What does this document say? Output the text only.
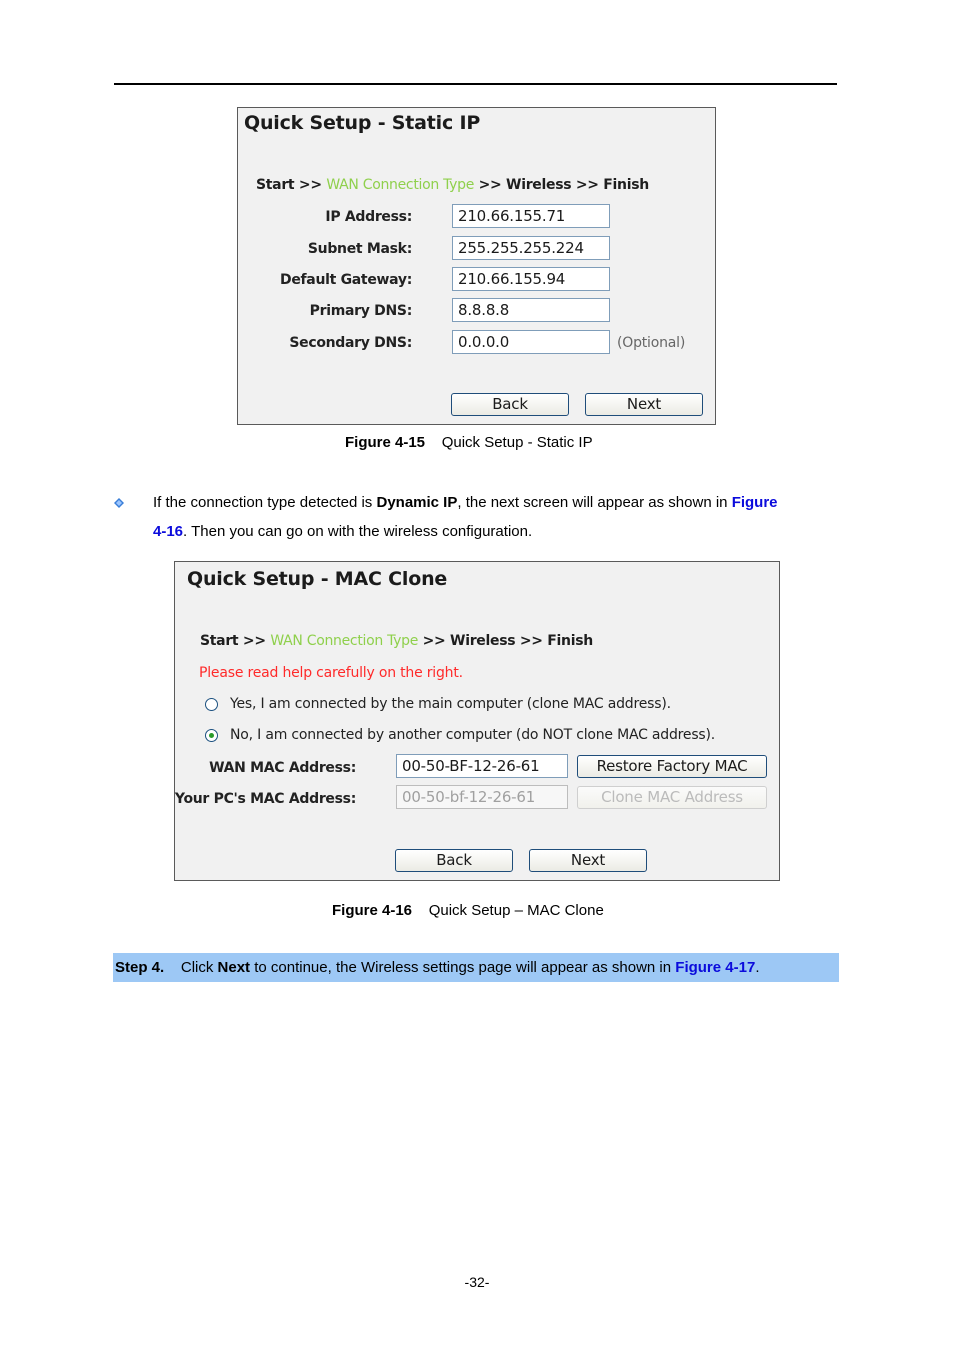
Quick Setup - Static IP
Start >> WAN Connection Type >> Wireless >> Finish
IP Address:	210.66.155.71
Subnet Mask:	255.255.255.224
Default Gateway:	210.66.155.94
Primary DNS:	8.8.8.8
Secondary DNS:	0.0.0.0	(Optional)
Back	Next
Figure 4-15 Quick Setup - Static IP
If the connection type detected is Dynamic IP, the next screen will appear as shown in Figure
4-16. Then you can go on with the wireless configuration.
Quick Setup - MAC Clone
Start >> WAN Connection Type >> Wireless >> Finish
Please read help carefully on the right.
Yes, I am connected by the main computer (clone MAC address).
No, I am connected by another computer (do NOT clone MAC address).
WAN MAC Address:	00-50-BF-12-26-61	Restore Factory MAC
Your PC's MAC Address:	00-50-bf-12-26-61	Clone MAC Address
Back	Next
Figure 4-16 Quick Setup – MAC Clone
Step 4. Click Next to continue, the Wireless settings page will appear as shown in Figure 4-17.
-32-
